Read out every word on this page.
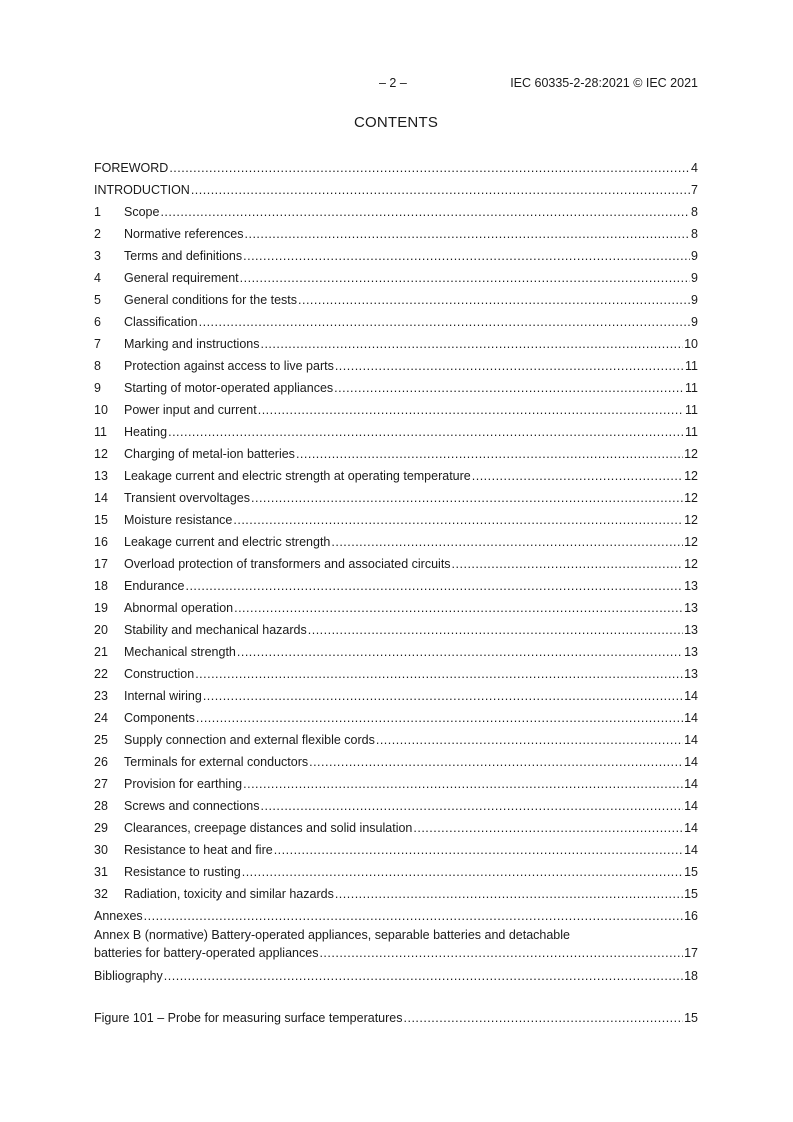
– 2 –	IEC 60335-2-28:2021 © IEC 2021
CONTENTS
FOREWORD .....	4
INTRODUCTION .....	7
1	Scope .....	8
2	Normative references .....	8
3	Terms and definitions .....	9
4	General requirement .....	9
5	General conditions for the tests .....	9
6	Classification .....	9
7	Marking and instructions .....	10
8	Protection against access to live parts .....	11
9	Starting of motor-operated appliances .....	11
10	Power input and current .....	11
11	Heating .....	11
12	Charging of metal-ion batteries .....	12
13	Leakage current and electric strength at operating temperature .....	12
14	Transient overvoltages .....	12
15	Moisture resistance .....	12
16	Leakage current and electric strength .....	12
17	Overload protection of transformers and associated circuits .....	12
18	Endurance .....	13
19	Abnormal operation .....	13
20	Stability and mechanical hazards .....	13
21	Mechanical strength .....	13
22	Construction .....	13
23	Internal wiring .....	14
24	Components .....	14
25	Supply connection and external flexible cords .....	14
26	Terminals for external conductors .....	14
27	Provision for earthing .....	14
28	Screws and connections .....	14
29	Clearances, creepage distances and solid insulation .....	14
30	Resistance to heat and fire .....	14
31	Resistance to rusting .....	15
32	Radiation, toxicity and similar hazards .....	15
Annexes .....	16
Annex B (normative) Battery-operated appliances, separable batteries and detachable
batteries for battery-operated appliances .....	17
Bibliography .....	18
Figure 101 – Probe for measuring surface temperatures .....	15
